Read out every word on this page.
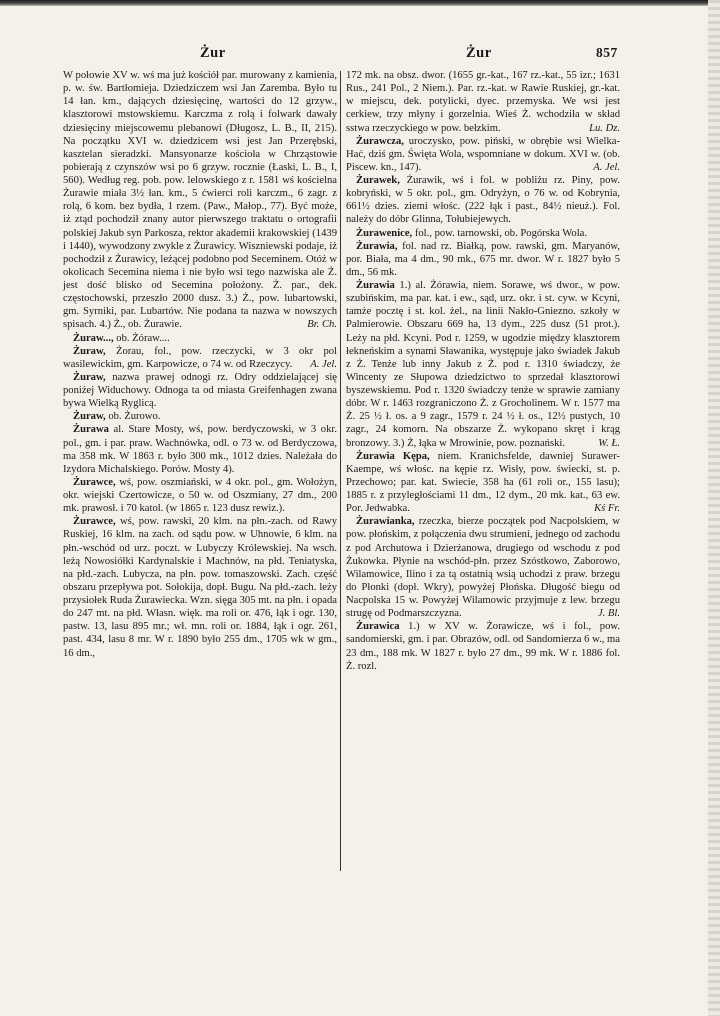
Żur	Żur	857

W połowie XV w. wś ma już kościół par. murowany z kamienia, p. w. św. Bartłomieja. Dziedziczem wsi Jan Zaremba. Było tu 14 łan. km., dających dziesięcinę, wartości do 12 grzyw., klasztorowi mstowskiemu. Karczma z rolą i folwark dawały dziesięciny miejscowemu plebanowi (Długosz, L. B., II, 215). Na początku XVI w. dziedzicem wsi jest Jan Przerębski, kasztelan sieradzki. Mansyonarze kościoła w Chrząstowie pobierają z czynszów wsi po 6 grzyw. rocznie (Łaski, L. B., I, 560). Według reg. pob. pow. lelowskiego z r. 1581 wś kościelna Żurawie miała 3½ łan. km., 5 ćwierci roli karczm., 6 zagr. z rolą, 6 kom. bez bydła, 1 rzem. (Paw., Małop., 77). Być może, iż ztąd pochodził znany autor pierwszego traktatu o ortografii polskiej Jakub syn Parkosza, rektor akademii krakowskiej (1439 i 1440), wywodzony zwykle z Żurawicy. Wiszniewski podaje, iż pochodził z Żurawicy, leżącej podobno pod Seceminem. Otóż w okolicach Secemina niema i nie było wsi tego nazwiska ale Ż. jest dość blisko od Secemina położony. Ż. par., dek. częstochowski, przeszło 2000 dusz. 3.) Ż., pow. lubartowski, gm. Syrniki, par. Lubartów. Nie podana ta nazwa w nowszych spisach. 4.) Ż., ob. Żurawie.	Br. Ch.

Żuraw..., ob. Żóraw....

Żuraw, Żorau, fol., pow. rzeczycki, w 3 okr pol wasilewickim, gm. Karpowicze, o 74 w. od Rzeczycy.	A. Jel.

Żuraw, nazwa prawej odnogi rz. Odry oddzielającej się poniżej Widuchowy. Odnoga ta od miasta Greifenhagen zwana bywa Wielką Ryglicą.

Żuraw, ob. Żurowo.

Żurawa al. Stare Mosty, wś, pow. berdyczowski, w 3 okr. pol., gm. i par. praw. Wachnówka, odl. o 73 w. od Berdyczowa, ma 358 mk. W 1863 r. było 300 mk., 1012 dzies. Należała do Izydora Michalskiego. Porów. Mosty 4).

Żurawce, wś, pow. oszmiański, w 4 okr. pol., gm. Wołożyn, okr. wiejski Czertowicze, o 50 w. od Oszmiany, 27 dm., 200 mk. prawosł. i 70 katol. (w 1865 r. 123 dusz rewiz.).

Żurawce, wś, pow. rawski, 20 klm. na płn.-zach. od Rawy Ruskiej, 16 klm. na zach. od sądu pow. w Uhnowie, 6 klm. na płn.-wschód od urz. poczt. w Lubyczy Królewskiej. Na wsch. leżą Nowosiółki Kardynalskie i Machnów, na płd. Teniatyska, na płd.-zach. Lubycza, na płn. pow. tomaszowski. Zach. część obszaru przepływa pot. Sołokija, dopł. Bugu. Na płd.-zach. leży przysiołek Ruda Żurawiecka. Wzn. sięga 305 mt. na płn. i opada do 247 mt. na płd. Własn. więk. ma roli or. 476, łąk i ogr. 130, pastw. 13, lasu 895 mr.; wł. mn. roli or. 1884, łąk i ogr. 261, past. 434, lasu 8 mr. W r. 1890 było 255 dm., 1705 wk w gm., 16 dm.,

172 mk. na obsz. dwor. (1655 gr.-kat., 167 rz.-kat., 55 izr.; 1631 Rus., 241 Pol., 2 Niem.). Par. rz.-kat. w Rawie Ruskiej, gr.-kat. w miejscu, dek. potylicki, dyec. przemyska. We wsi jest cerkiew, trzy młyny i gorzelnia. Wieś Ż. wchodziła w skład sstwa rzeczyckiego w pow. bełzkim.	Lu. Dz.

Żurawcza, uroczysko, pow. piński, w obrębie wsi Wielka-Hać, dziś gm. Święta Wola, wspomniane w dokum. XVI w. (ob. Piscew. kn., 147).	A. Jel.

Żurawek, Żurawik, wś i fol. w pobliżu rz. Piny, pow. kobryński, w 5 okr. pol., gm. Odryżyn, o 76 w. od Kobrynia, 661½ dzies. ziemi włośc. (222 łąk i past., 84½ nieuż.). Fol. należy do dóbr Glinna, Tołubiejewych.

Żurawenice, fol., pow. tarnowski, ob. Pogórska Wola.

Żurawia, fol. nad rz. Białką, pow. rawski, gm. Maryanów, por. Biała, ma 4 dm., 90 mk., 675 mr. dwor. W r. 1827 było 5 dm., 56 mk.

Żurawia 1.) al. Żórawia, niem. Sorawe, wś dwor., w pow. szubińskim, ma par. kat. i ew., sąd, urz. okr. i st. cyw. w Kcyni, tamże pocztę i st. kol. żel., na linii Nakło-Gniezno. szkoły w Palmierowie. Obszaru 669 ha, 13 dym., 225 dusz (51 prot.). Leży na płd. Kcyni. Pod r. 1259, w ugodzie między klasztorem łekneńskim a synami Sławanika, występuje jako świadek Jakub z Ż. Tenże lub inny Jakub z Ż. pod r. 1310 świadczy, że Wincenty ze Słupowa dziedzictwo to sprzedał klasztorowi byszewskiemu. Pod r. 1320 świadczy tenże w sprawie zamiany dóbr. W r. 1463 rozgraniczono Ż. z Grocholinem. W r. 1577 ma Ż. 25 ½ ł. os. a 9 zagr., 1579 r. 24 ½ ł. os., 12½ pustych, 10 zagr., 24 komorn. Na obszarze Ż. wykopano skręt i krąg bronzowy. 3.) Ż, łąka w Mrowinie, pow. poznański.	W. Ł.

Żurawia Kępa, niem. Kranichsfelde, dawniej Surawer-Kaempe, wś włośc. na kępie rz. Wisły, pow. świecki, st. p. Przechowo; par. kat. Swiecie, 358 ha (61 roli or., 155 lasu); 1885 r. z przyległościami 11 dm., 12 dym., 20 mk. kat., 63 ew. Por. Jedwabka.	Kś Fr.

Żurawianka, rzeczka, bierze początek pod Nacpolskiem, w pow. płońskim, z połączenia dwu strumieni, jednego od zachodu z pod Archutowa i Dzierżanowa, drugiego od wschodu z pod Żukowka. Płynie na wschód-płn. przez Szóstkowo, Zaborowo, Wilamowice, Ilino i za tą ostatnią wsią uchodzi z praw. brzegu do Płonki (dopł. Wkry), powyżej Płońska. Długość biegu od Nacpolska 15 w. Powyżej Wilamowic przyjmuje z lew. brzegu strugę od Podmarszczyzna.	J. Bl.

Żurawica 1.) w XV w. Żorawicze, wś i fol., pow. sandomierski, gm. i par. Obrazów, odl. od Sandomierza 6 w., ma 23 dm., 188 mk. W 1827 r. było 27 dm., 99 mk. W r. 1886 fol. Ż. rozl.
